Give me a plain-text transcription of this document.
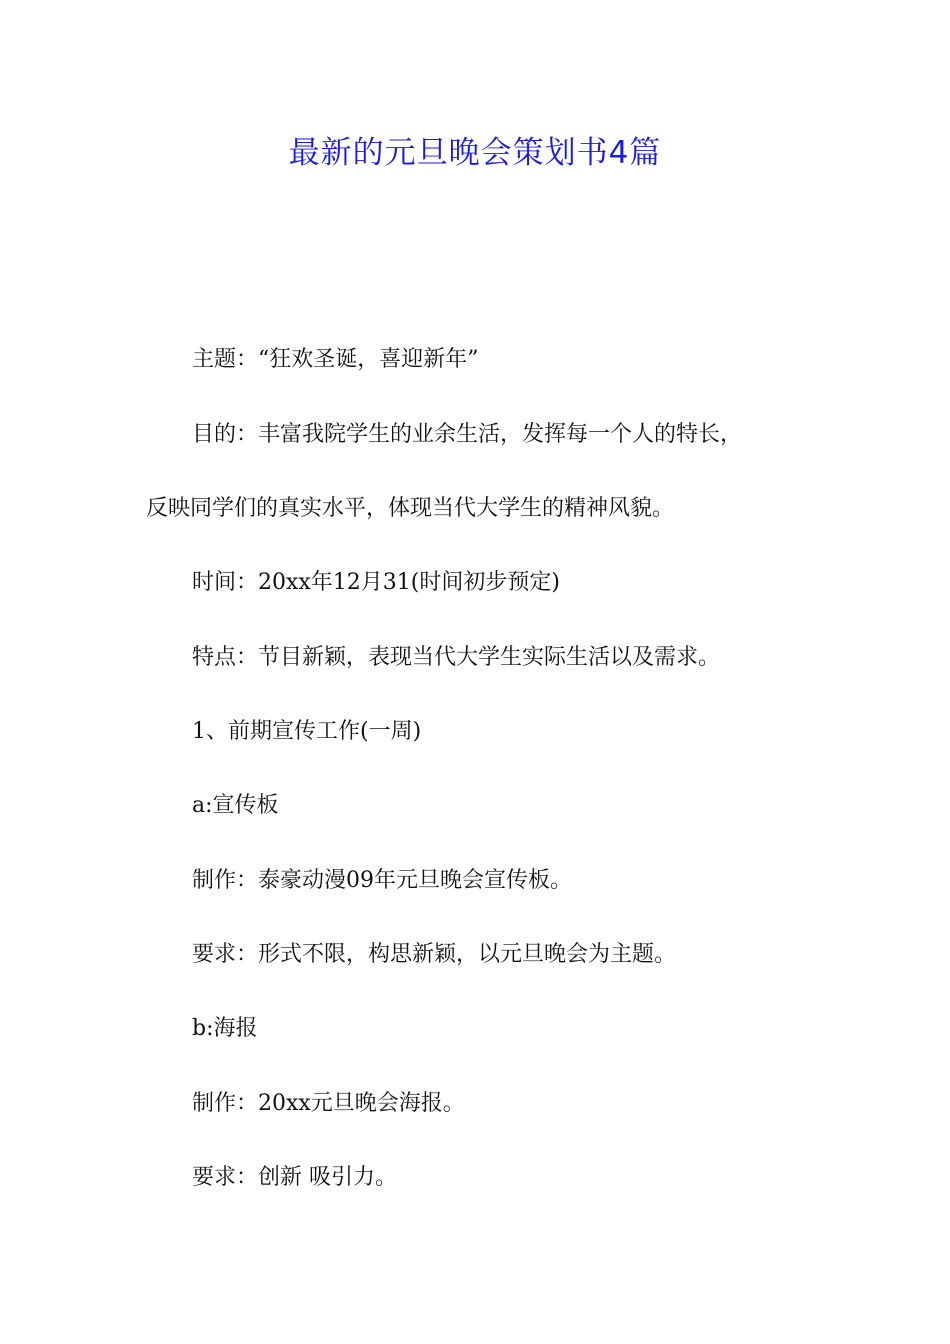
最新的元旦晚会策划书4篇

主题：“狂欢圣诞，喜迎新年”

目的：丰富我院学生的业余生活，发挥每一个人的特长，

反映同学们的真实水平，体现当代大学生的精神风貌。

时间：20xx年12月31(时间初步预定)

特点：节目新颖，表现当代大学生实际生活以及需求。

1、前期宣传工作(一周)

a:宣传板

制作：泰豪动漫09年元旦晚会宣传板。

要求：形式不限，构思新颖，以元旦晚会为主题。

b:海报

制作：20xx元旦晚会海报。

要求：创新 吸引力。
